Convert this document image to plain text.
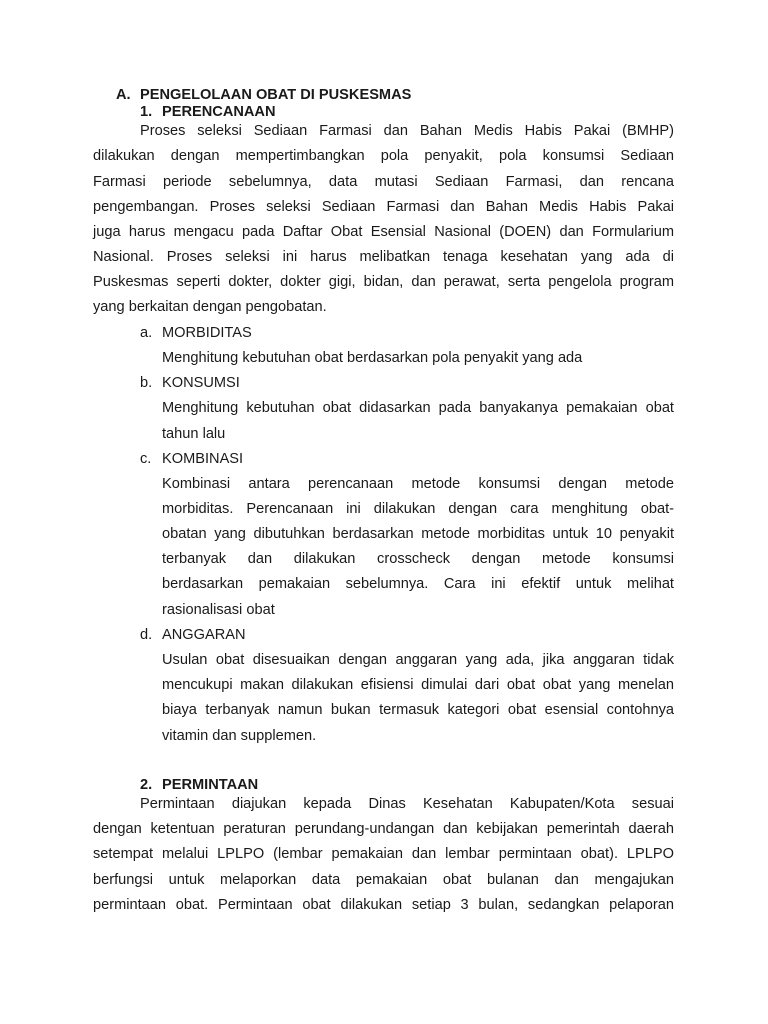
A. PENGELOLAAN OBAT DI PUSKESMAS
1. PERENCANAAN
Proses seleksi Sediaan Farmasi dan Bahan Medis Habis Pakai (BMHP)
dilakukan dengan mempertimbangkan pola penyakit, pola konsumsi Sediaan
Farmasi periode sebelumnya, data mutasi Sediaan Farmasi, dan rencana
pengembangan. Proses seleksi Sediaan Farmasi dan Bahan Medis Habis Pakai
juga harus mengacu pada Daftar Obat Esensial Nasional (DOEN) dan Formularium
Nasional. Proses seleksi ini harus melibatkan tenaga kesehatan yang ada di
Puskesmas seperti dokter, dokter gigi, bidan, dan perawat, serta pengelola program
yang berkaitan dengan pengobatan.
a. MORBIDITAS
Menghitung kebutuhan obat berdasarkan pola penyakit yang ada
b. KONSUMSI
Menghitung kebutuhan obat didasarkan pada banyakanya pemakaian obat
tahun lalu
c. KOMBINASI
Kombinasi antara perencanaan metode konsumsi dengan metode
morbiditas. Perencanaan ini dilakukan dengan cara menghitung obat-
obatan yang dibutuhkan berdasarkan metode morbiditas untuk 10 penyakit
terbanyak dan dilakukan crosscheck dengan metode konsumsi
berdasarkan pemakaian sebelumnya. Cara ini efektif untuk melihat
rasionalisasi obat
d. ANGGARAN
Usulan obat disesuaikan dengan anggaran yang ada, jika anggaran tidak
mencukupi makan dilakukan efisiensi dimulai dari obat obat yang menelan
biaya terbanyak namun bukan termasuk kategori obat esensial contohnya
vitamin dan supplemen.
2. PERMINTAAN
Permintaan diajukan kepada Dinas Kesehatan Kabupaten/Kota sesuai
dengan ketentuan peraturan perundang-undangan dan kebijakan pemerintah daerah
setempat melalui LPLPO (lembar pemakaian dan lembar permintaan obat). LPLPO
berfungsi untuk melaporkan data pemakaian obat bulanan dan mengajukan
permintaan obat. Permintaan obat dilakukan setiap 3 bulan, sedangkan pelaporan
